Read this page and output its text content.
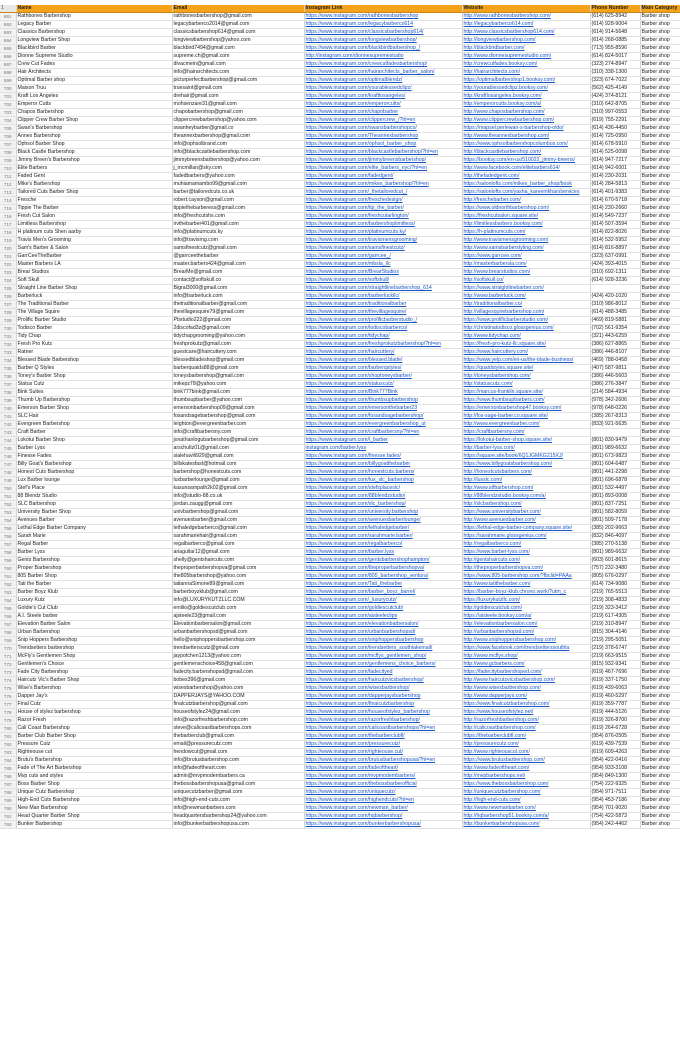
1	Name	Email	Instagram Link	Website	Phone Number	Main Category
691	Rathbones Barbershop	rathbonesbarbershop@gmail.com	https://www.instagram.com/rathbonesbarbershop	http://www.rathbonesbarbershop.com/	(614) 625-8942	Barber shop
692	Legacy Barber	legacybarberco2014@gmail.com	https://www.instagram.com/legacybarberco614	http://legacybarberco614.com/	(614) 928-9004	Barber shop
693	Classics Barbershop	classicsbarbershop614@gmail.com	https://www.instagram.com/classicsbarbershop614/	http://www.classicsbarbershop614.com/	(614) 914-5648	Barber shop
694	Longview Barber Shop	longviewbarbershop@yahoo.com	https://www.instagram.com/longviewbarbershop/	http://longviewbarbershop.com/	(614) 268-0885	Barber shop
695	Blackbird Barber	blackbird7494@gmail.com	https://www.instagram.com/blackbirdbarbershop_/	http://blackbirdbarber.com/	(713) 955-8596	Barber shop
696	Dionne Supreme Studio	supreme.ch@gmail.com	http://instagram.com/dionnesupremestudio	http://www.dionnesupremestudio.com/	(614) 824-5017	Barber shop
697	Crew Cut Fades	divacmein@gmail.com	https://www.instagram.com/crewcutfadesbarbershop/	http://crewcutfades.booksy.com/	(323) 274-8947	Barber shop
698	Hair Architects	info@hairarchitects.com	https://www.instagram.com/hairarchitects_barber_salon/	http://hairarchitects.com/	(310) 338-1300	Barber shop
699	Optimal Barber shop	picturperfectbarbershop@gmail.com	https://www.instagram.com/optimalblendz/	https://optimalbarbershop1.booksy.com/	(323) 674-7022	Barber shop
700	Maison Truu	truesaint@gmail.com	https://www.instagram.com/yourablessedclipz/	http://yourablessedclipz.booksy.com/	(562) 425-4149	Barber shop
701	Kraft Los Angeles	drehair@gmail.com	https://www.instagram.com/kraftlosangeles/	http://kraftlosangeles.booksy.com/	(424) 374-8121	Barber shop
702	Emperor Cutts	mohsenzare31@gmail.com	https://www.instagram.com/emperorcutts/	http://emperorcutts.booksy.com/a/	(310) 642-8705	Barber shop
703	Chapos Barbershop	chapobarbershop@gmail.com	https://www.instagram.com/chapobarber	http://www.chaposbarbershop.com/	(310) 997-0553	Barber shop
704	Clipper Crew Barber Shop	clippercrewbarbershop@yahoo.com	https://www.instagram.com/clippercrew_/?hl=en	http://www.clippercrewbarbershop.com/	(619) 755-2291	Barber shop
705	Swan's Barbershop	swanheybarber@gmail.co	https://www.instagram.com/swansbarbershopco/	https://mapsel.perlewan-s-barbershop-oldo/	(614) 436-4450	Barber shop
706	Annex Barbershop	theannexbarbershop@gmail.com	https://www.instagram.com/Theannexbarbershop	http://www.theannexbarbershop.com/	(614) 725-0950	Barber shop
707	Ophsol Barber Shop	info@ophsolbrand.com	https://www.instagram.com/ophsol_barber_shop	https://www.ophsolbarbershopcolumbus.com/	(614) 678-5910	Barber shop
708	Black Castle Barbershop	info@blackcastlebarbershop.com	https://www.instagram.com/blackcastlebarbershop/?hl=en	http://blackcastlebarbershop.com/	(614) 525-0098	Barber shop
709	Jimmy Breen's Barbershop	jimmybreensbarbershop@yahoo.com	https://www.instagram.com/jimmybreensbarbershop/	https://booksy.com/en-us/510022_jimmy-breens/	(614) 947-7217	Barber shop
710	Elite Barbers	j_mcmillan@sky.com	https://www.instagram.com/elite_barbers_nyc/?hl=en	http://www.facebook.com/elitebarbers614/	(614) 942-6001	Barber shop
711	Faded Gent	fadedbarbers@yahoo.com	https://www.instagram.com/fadedgent/	http://thefadedgent.com/	(614) 230-2031	Barber shop
712	Mike's Barbershop	muhiamamambo99@gmail.com	https://www.instagram.com/mikes_barbershop/?hl=en	https://salonlofts.com/mikes_barber_shop/book	(614) 284-5813	Barber shop
713	Tailored Cuts Barber Shop	barber@tailoredcuts.co.uk	https://www.instagram.com/_thetailoredcut_/	https://salonlofts.com/yasha_kareemkhan/services	(614) 401-9383	Barber shop
714	Fresche	robert.cayson@gmail.com	https://www.instagram.com/freschedesign/	http://freschebarber.com/	(614) 670-5718	Barber shop
715	Tippie The Barber	tippiethebarberess@gmail.com	https://www.instagram.com/tip_the_barber/	https://www.oldnorthbarbershop.com/	(614) 230-2660	Barber shop
716	Fresh Cut Salon	info@freshcutshs.com	https://www.instagram.com/freshcutarlington/	https://freshcutsalon.square.site/	(614) 549-7237	Barber shop
717	Limitless Barbershop	irvthebarber401@gmail.com	https://www.instagram.com/barbershoplimitless/	http://limitlessbarbers.booksy.com/	(614) 507-3594	Barber shop
718	H platinum cuts Shen aarby	info@platinumcuts.ky	https://www.instagram.com/platinumcuts.ky/	https://h-platinumcuts.com/	(614) 822-8026	Barber shop
719	Travis Men's Grooming	info@travismg.com	https://www.instagram.com/travismensgrooming/	http://www.travismensgrooming.com/	(614) 532-5952	Barber shop
720	Sam's Barber & Salon	samsfinestcutz@gmail.com	https://www.instagram.com/samsfinestcutz/	http://www.samsbarberstyling.com/	(614) 816-8897	Barber shop
721	GarrCeeTheBarber	@garrceethebarber	https://www.instagram.com/garrcee_/	https://www.garrcee.com/	(323) 637-0991	Barber shop
722	Master Barbers LA	master.barbers424@gmail.com	https://www.instagram.com/mbsla_llc	http://masterbarbersla.com/	(424) 393-4015	Barber shop
723	Brear Studios	BrearMe@gmail.com	https://www.instagram.com/BrearStudios	http://www.brearstudios.com/	(310) 692-1311	Barber shop
724	Soft Skull	contact@softskull.co	https://www.instagram.com/softskull/	http://softskull.co/	(614) 928-3236	Barber shop
725	Straight Line Barber Shop	Bigral3000@gmail.com	https://www.instagram.com/straightlinebarbershop_614	https://www.straightlinebarber.com/		Barber shop
726	Barberluck	info@barberluck.com	https://www.instagram.com/barberluckllc/	http://www.barberluck.com/	(424) 420-1020	Barber shop
727	The Traditional Barber	thetraditionalbarber@gmail.com	https://www.instagram.com/traditionalbarber	http://traditionalbarber.co/	(310) 986-8012	Barber shop
728	The Village Squire	thevillagesquire79@gmail.com	https://www.instagram.com/thevillagesquire/	http://villagesquirebarbershop.com/	(614) 488-3485	Barber shop
729	Prolific Barber Studio	Pbstudio222@gmail.com	https://www.instagram.com/prolificbarberstudio_/	https://www.prolificbarberstudio.com/	(469) 819-5881	Barber shop
730	Todisco Barber	2discofad3z@gmail.com	https://www.instagram.com/todiscobarberco/	http://christinatodisco.glossgenius.com/	(702) 561-9354	Barber shop
731	Tidy Chap	tidychapgrooming@yahoo.com	https://www.instagram.com/tidychap/	http://www.tidychap.com/	(321) 443-6259	Barber shop
732	Fresh Pro Kutz	freshprokutz@gmail.com	https://www.instagram.com/freshprokutzbarbershop/?hl=en	https://fresh-pro-kutz-llc.square.site/	(386) 627-8865	Barber shop
733	Ratner	guestcare@haircuttery.com	https://www.instagram.com/haircuttery/	https://www.haircuttery.com/	(386) 446-8107	Barber shop
734	Blessed Blade Barbershop	blessedbladeshop@gmail.com	https://www.instagram.com/blessed.blade/	https://www.yelp.com/en-us/the-blade-business/	(469) 788-0458	Barber shop
735	Barber Q Styles	barberquaids88@gmail.com	https://www.instagram.com/barberqstyles/	https://quaidstyles.square.site/	(407) 587-9811	Barber shop
736	Toney's Barber Shop	toneysbarbershop@gmail.com	https://www.instagram.com/shoptoneysbarber/	http://toneysbarbershop.com/	(386) 446-5603	Barber shop
737	Status Cutz	mikepz78@yahoo.com	https://www.instagram.com/statuscutz/	http://statuscutz.com/	(386) 276-3847	Barber shop
738	Bink Suites	bink777bink@gmail.com	https://www.instagram.com/Bink777Bink	https://marcus-franklin.square.site/	(214) 584-4934	Barber shop
739	Thumb Up Barbershop	thumbsupbarber@yahoo.com	https://www.instagram.com/thumbsupbarbershop	https://www.thumbsupbarbers.com/	(978) 342-2606	Barber shop
740	Emerson Barber Shop	emersonbarbershop09@gmail.com	https://www.instagram.com/emersonthebarber23	https://emersonbarbershop47.booksy.com/	(978) 648-0226	Barber shop
741	SLC Hair	fosandsagebarbershop@gmail.com	https://www.instagram.com/fosandsagebarbershop/	http://fos-sage-barber.co.square.site/	(385) 267-8313	Barber shop
742	Evergreen Barbershop	leighton@evergreenbarber.com	https://www.instagram.com/evergreenbarbershop_ut	http://www.evergreenbarber.com/	(833) 921-5635	Barber shop
743	Craft Barber	info@craftbarbersny.com	https://www.instagram.com/craftbarbersny/?hl=en	https://craftbarbersny.com/		Barber shop
744	Lokotui Barber Shop	jonathanlogubarbershop@gmail.com	https://www.instagram.com/l_barber	https://lokotui-barber-shop.square.site/	(801) 830-9479	Barber shop
745	Barber Lyss	arschultz01@gmail.com	instagram.com/barber.lyss	http://barber-lyss.com/	(801) 989-6632	Barber shop
746	Finesse Fades	sialehavili929@gmail.com	https://www.instagram.com/finesse.fades/	https://square.site/book/6Q1JGMKG215XJ/	(801) 673-9823	Barber shop
747	Billy Goat's Barbershop	billskatesfast@hotmail.com	https://www.instagram.com/billygoatthebarber	https://www.billygoatsbarbershop.com/	(801) 604-6487	Barber shop
748	Honest Cuts Barbershop	barbershop@honestcuts.com	https://www.instagram.com/honestcuts.barbers/	http://honestcutsbarbers.com/	(801) 441-2298	Barber shop
749	Lux Barber lounge	luxbarberlounge@gmail.com	https://www.instagram.com/lux_slc_barbershop	http://luxslc.com/	(801) 696-6878	Barber shop
750	Stef's Place	kasunsampath2k02@gmail.com	https://www.instagram.com/stefsplaceslc/	http://www.stfbarbershop.com/	(801) 532-4497	Barber shop
751	88 Blendz Studio	info@studio-88.co.uk	https://www.instagram.com/88blendzstudio/	http://88blendzstudio.booksy.com/a/	(801) 893-0008	Barber shop
752	SLC Barbershop	jordan.zaugg@gmail.com	https://www.instagram.com/slc_barbershop/	http://slcbarbershop.com/	(801) 837-7251	Barber shop
753	University Barber Shop	univbarbershop@gmail.com	https://www.instagram.com/university.barbershop	https://www.universitybarber.com/	(801) 582-8059	Barber shop
754	Avenues Barber	avenuesbarber@gmail.com	https://www.instagram.com/avenuesbarberlounge/	http://www.avenuesbarber.com/	(801) 509-7178	Barber shop
755	Lethal Edge Barber Company	lethaledgebarberco@gmail.com	https://www.instagram.com/lethaledgebarber/	https://lethal-edge-barber-company.square.site/	(385) 202-9663	Barber shop
756	Sarah Marie	sarahmariehair@gmail.com	https://www.instagram.com/sarahmarie.barber/	https://sarahmarie.glossgenius.com/	(832) 846-4097	Barber shop
757	Regal Barber	regalbarberco@gmail.com	https://www.instagram.com/regalbarberco/	http://regalbarberco.com/	(385) 270-5138	Barber shop
758	Barber Lyss	ariaguilar12@gmail.com	https://www.instagram.com/barber.lyss	https://www.barber-lyss.com/	(801) 989-6632	Barber shop
759	Gents Barbershop	shelly@gentshaircuts.com	https://www.instagram.com/gentsbarbershophampton/	http://gentshaircuts.com/	(603) 601-8615	Barber shop
760	Proper Barbershop	theproperbarbershopva@gmail.com	https://www.instagram.com/theproperbarbershopva/	http://theproperbarbershopva.com/	(757) 232-3480	Barber shop
761	805 Barber Shop	the805barbershop@yahoo.com	https://www.instagram.com/805_barbershop_ventura/	https://www.805-barbershop.com/?fbclid=PAAa	(805) 676-0297	Barber shop
762	Tati the Barber	tatiannaSimone89@gmail.com	https://www.instagram.com/Tati_thebarber	http://www.tatithebarber.com/	(614) 734-9080	Barber shop
763	Barber Boyz Klub	barberboyzklub@gmail.com	https://www.instagram.com/barber_boyz_barrel/	https://barber-boyz-klub.chrono.work/?utm_c	(219) 765-5513	Barber shop
764	Luxury Kutz	info@LUXURYKUTZLLC.COM	https://www.instagram.com/_luxurycutz/	https://luxurykutzllc.com/	(219) 308-4833	Barber shop
765	Goldie's Cut Club	emilio@goldiescutclub.com	https://www.instagram.com/goldiescutclub/	http://goldiescutclub.com/	(219) 323-3412	Barber shop
766	A.I. Steele barber	ajsteele23@gmail.com	https://www.instagram.com/aisteeleclips	https://aisteele.booksy.com/a/	(219) 617-4305	Barber shop
767	Elevation Barber Salon	Elevationbarbersalon@gmail.com	https://www.instagram.com/elevationbarbersalon/	http://elevationbarbersalon.com/	(219) 310-8947	Barber shop
768	Urban Barbershop	urbanbarbershopsd@gmail.com	https://www.instagram.com/urbanbarbershopsd/	http://urbanbarbershopsd.com/	(815) 304-4146	Barber shop
769	Snip Hoppers Barbershop	hello@sniphoppersbarbershop.com	https://www.instagram.com/sniphoppersbarbershop	http://www.sniphoppersbarbershop.com/	(219) 295-5051	Barber shop
770	Trendsetters barbershop	trendsetterscutz@gmail.com	https://www.instagram.com/trendsetters_southlakemall/	https://www.facebook.com/trendsetterssouthla	(219) 378-6747	Barber shop
771	McFly's Gentlemen Shop	jaypotchen1213@yahoo.com	https://www.instagram.com/mcflys_gentlemen_shop/	http://www.mcflys.shop/	(219) 663-9515	Barber shop
772	Gentlemen's Choice	gentlemenschoice458@gmail.com	https://www.instagram.com/gentlemens_choice_barbers/	http://www.gcbarbers.com/	(815) 932-9341	Barber shop
773	Fade City Barbershop	fadecity.barbershopsd@gmail.com	https://www.instagram.com/fadecityed	https://fadecitybarbershoped.com/	(619) 467-7696	Barber shop
774	Haircutz Vic's Barber Shop	bobes396@gmail.com	https://www.instagram.com/haircutzvicsbarbershop/	http://www.haircutzvicsbarbershop.com/	(619) 337-1750	Barber shop
775	Wise's Barbershop	wisesbarbershop@yahoo.com	https://www.instagram.com/wisesbarbershop/	http://www.wisesbarbershop.com/	(619) 439-6063	Barber shop
776	Dapper Jay's	DAPPERJAYS@YAHOO.COM	https://www.instagram.com/dapperjaysbarbershop	http://www.dapperjays.com/	(619) 460-5297	Barber shop
777	Final Cutz	finalcutzbarbershop@gmail.com	https://www.instagram.com/finalcutzbarbershop	https://www.finalcutzbarbershop.com/	(619) 359-7787	Barber shop
778	House of stylez barbershop	houseofstylez24@gmail.com	https://www.instagram.com/houseofstylez_barbershop	https://www.houseofstylez.net/	(619) 444-5126	Barber shop
779	Razor Fresh	info@razorfreshbarbershop.com	https://www.instagram.com/razorfreshbarbershop/	http://razorfreshbarbershop.com/	(619) 326-8700	Barber shop
780	Cali Coast Barbershop	steve@calicoastbarbershops.com	https://www.instagram.com/calicoastbarbershops/?hl=en	http://calicoastbarbershop.com/	(619) 264-6728	Barber shop
781	Barber Club Barber Shop	thebarberclub@gmail.com	https://www.instagram.com/thebarberclubfl/	https://thebarberclubfl.com/	(954) 876-0505	Barber shop
782	Pressure Cutz	email@pressurecutz.com	https://www.instagram.com/pressurecutz/	http://pressurecutz.com/	(619) 439-7539	Barber shop
783	Righteouse cut	hendowcut@gmail.com	https://www.instagram.com/righteouse.cut/	http://www.righteouscut.com/	(619) 609-4263	Barber shop
784	Brutu's Barbershop	info@brutusbarbershop.com	https://www.instagram.com/brutusbarbershopusa/?hl=en	https://www.brutusbarbershop.com/	(954) 422-0416	Barber shop
785	Fade of The Art Barbershop	info@fadeoftheart.com	https://www.instagram.com/fadeoftheart/	http://www.fadeoftheart.com/	(954) 933-3108	Barber shop
786	Mvp cuts and styles	admin@mvpmodernbarbers.ca	https://www.instagram.com/mvpmodernbarbers/	http://mvpbarbershops.net/	(954) 849-1300	Barber shop
787	Boss Barber Shop	thebossbarbershopusa@gmail.com	https://www.instagram.com/thebossbarberofficial	https://www.thebossbarbershop.com/	(754) 222-9325	Barber shop
788	Unique Cutz Barbershop	uniquecutzbarber@gmail.com	https://www.instagram.com/uniquecutz/	http://uniquecutzbarbershop.com/	(954) 971-7511	Barber shop
789	High-End Cuts Barbershop	info@high-end-cuts.com	https://www.instagram.com/highendcuts/?hl=en	http://high-end-cuts.com/	(954) 453-7186	Barber shop
790	New Man Barbershop	info@newmanbarbers.com	https://www.instagram.com/newman_barber/	http://www.newmanbarber.com/	(954) 701-9020	Barber shop
791	Head Quarter Barber Shop	headquartersbarbershop24@yahoo.com	https://www.instagram.com/hqbarbershop/	http://hqbarbershop51.booksy.com/a/	(754) 422-5873	Barber shop
792	Bunker Barbershop	info@bunkerbarbershopusa.com	https://www.instagram.com/bunkerbarbershopusa/	http://bunkerbarbershopusa.com/	(954) 242-4462	Barber shop
